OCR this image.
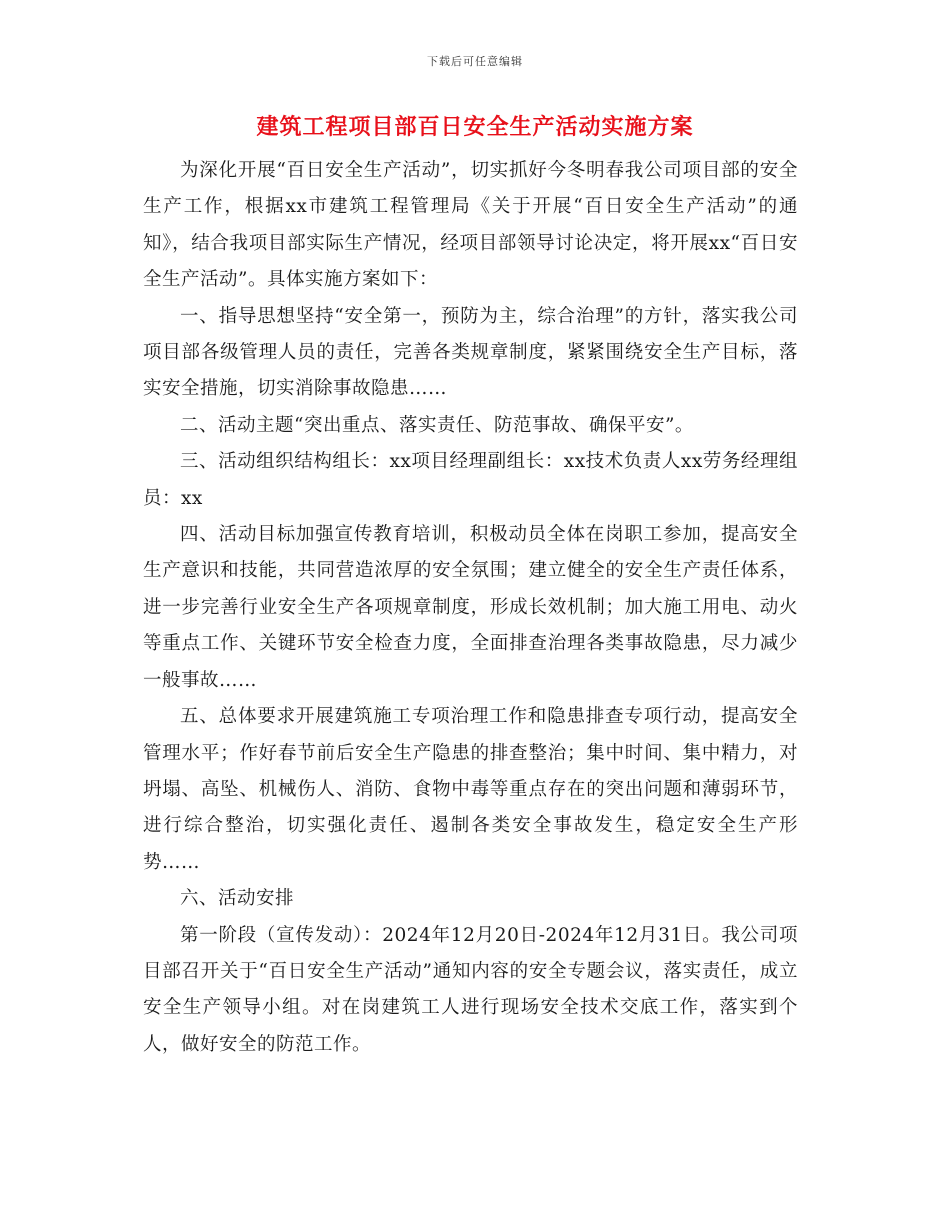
下载后可任意编辑
建筑工程项目部百日安全生产活动实施方案

为深化开展“百日安全生产活动”，切实抓好今冬明春我公司项目部的安全生产工作，根据xx市建筑工程管理局《关于开展“百日安全生产活动”的通知》，结合我项目部实际生产情况，经项目部领导讨论决定，将开展xx“百日安全生产活动”。具体实施方案如下：

一、指导思想坚持“安全第一，预防为主，综合治理”的方针，落实我公司项目部各级管理人员的责任，完善各类规章制度，紧紧围绕安全生产目标，落实安全措施，切实消除事故隐患……

二、活动主题“突出重点、落实责任、防范事故、确保平安”。

三、活动组织结构组长：xx项目经理副组长：xx技术负责人xx劳务经理组员：xx

四、活动目标加强宣传教育培训，积极动员全体在岗职工参加，提高安全生产意识和技能，共同营造浓厚的安全氛围；建立健全的安全生产责任体系，进一步完善行业安全生产各项规章制度，形成长效机制；加大施工用电、动火等重点工作、关键环节安全检查力度，全面排查治理各类事故隐患，尽力减少一般事故……

五、总体要求开展建筑施工专项治理工作和隐患排查专项行动，提高安全管理水平；作好春节前后安全生产隐患的排查整治；集中时间、集中精力，对坍塌、高坠、机械伤人、消防、食物中毒等重点存在的突出问题和薄弱环节，进行综合整治，切实强化责任、遏制各类安全事故发生，稳定安全生产形势……

六、活动安排

第一阶段（宣传发动）：2024年12月20日-2024年12月31日。我公司项目部召开关于“百日安全生产活动”通知内容的安全专题会议，落实责任，成立安全生产领导小组。对在岗建筑工人进行现场安全技术交底工作，落实到个人，做好安全的防范工作。
